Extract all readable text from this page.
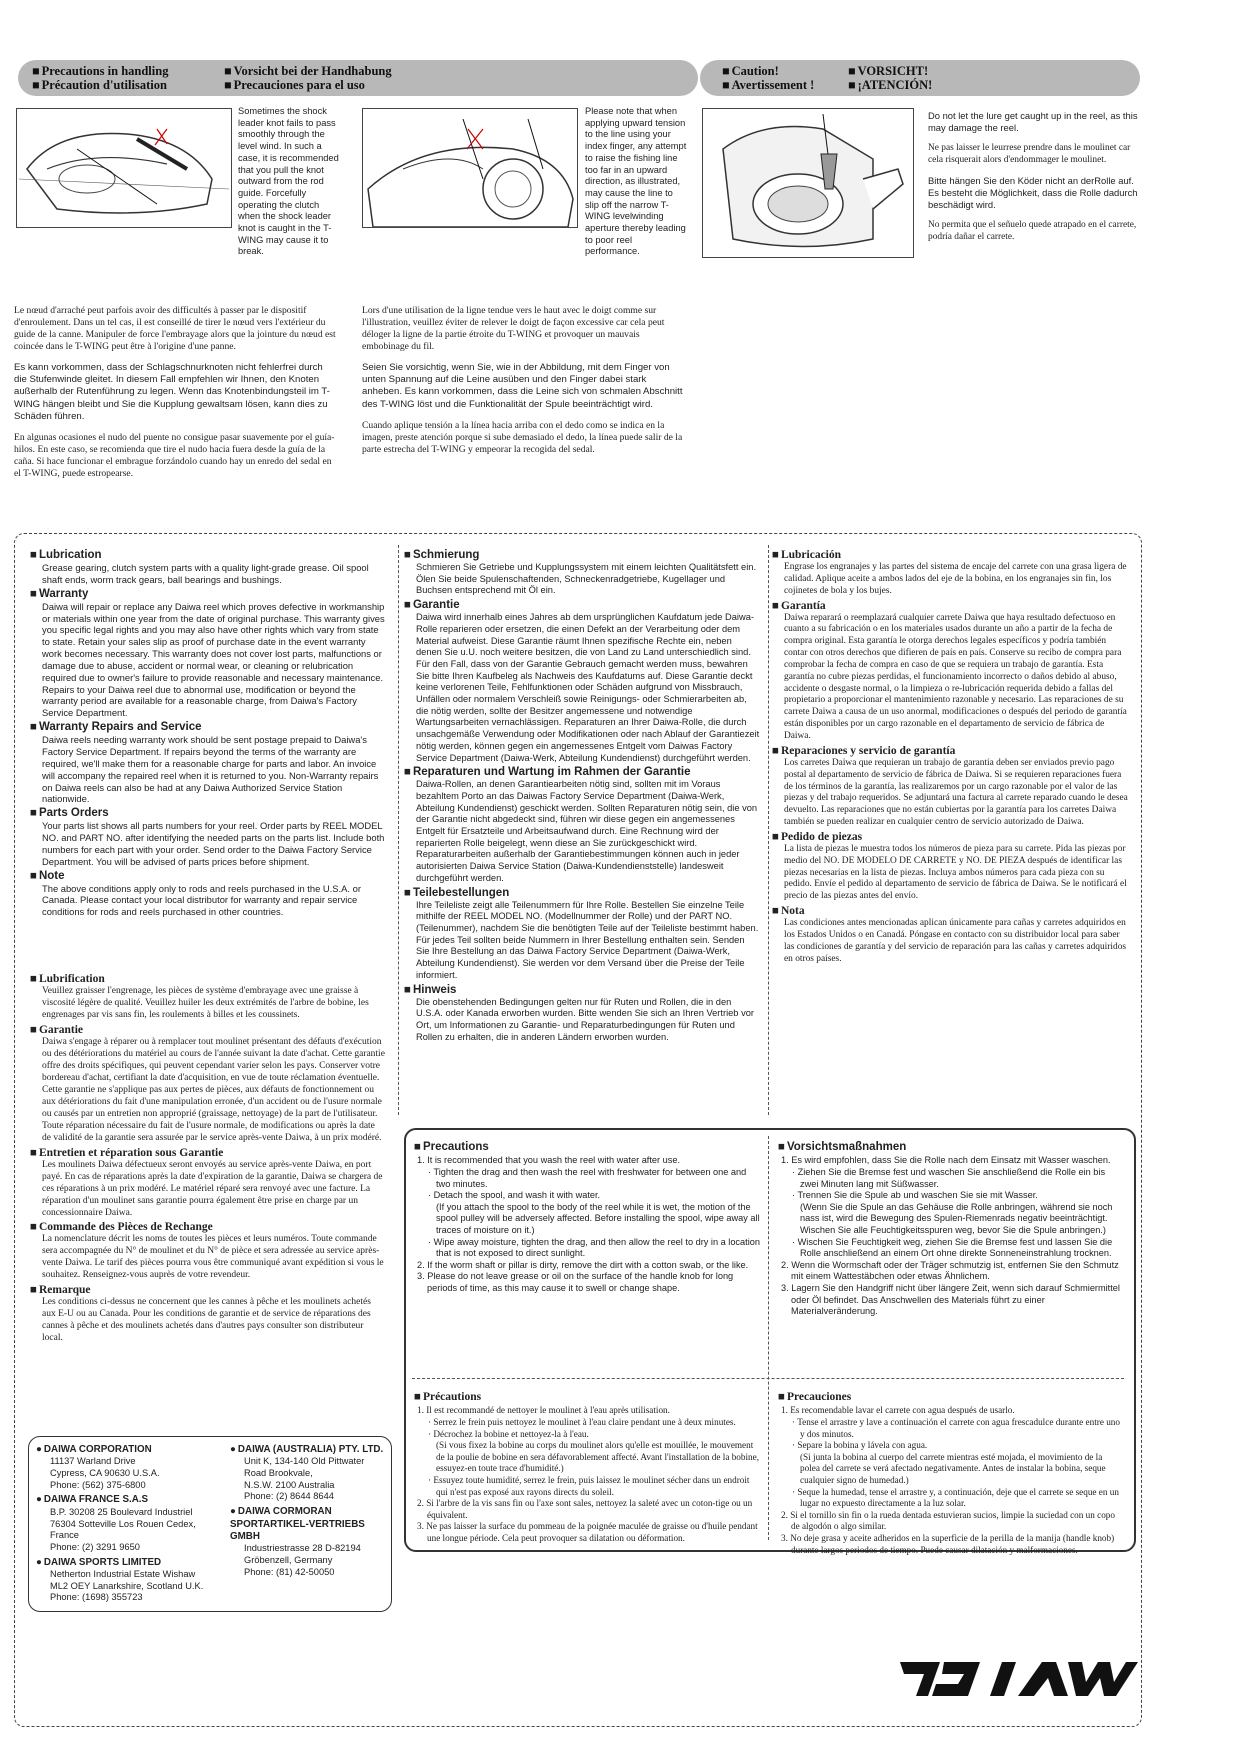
■ Precautions in handling	■ Vorsicht bei der Handhabung
■ Précaution d'utilisation	■ Precauciones para el uso
■ Caution!	■ VORSICHT!
■ Avertissement !	■ ¡ATENCIÓN!
Sometimes the shock leader knot fails to pass smoothly through the level wind. In such a case, it is recommended that you pull the knot outward from the rod guide. Forcefully operating the clutch when the shock leader knot is caught in the T-WING may cause it to break.
Please note that when applying upward tension to the line using your index finger, any attempt to raise the fishing line too far in an upward direction, as illustrated, may cause the line to slip off the narrow T-WING levelwinding aperture thereby leading to poor reel performance.

Do not let the lure get caught up in the reel, as this may damage the reel.

Ne pas laisser le leurrese prendre dans le moulinet car cela risquerait alors d'endommager le moulinet.

Bitte hängen Sie den Köder nicht an derRolle auf. Es besteht die Möglichkeit, dass die Rolle dadurch beschädigt wird.

No permita que el señuelo quede atrapado en el carrete, podría dañar el carrete.

Le nœud d'arraché peut parfois avoir des difficultés à passer par le dispositif d'enroulement. Dans un tel cas, il est conseillé de tirer le nœud vers l'extérieur du guide de la canne. Manipuler de force l'embrayage alors que la jointure du nœud est coincée dans le T-WING peut être à l'origine d'une panne.

Es kann vorkommen, dass der Schlagschnurknoten nicht fehlerfrei durch die Stufenwinde gleitet. In diesem Fall empfehlen wir Ihnen, den Knoten außerhalb der Rutenführung zu legen. Wenn das Knotenbindungsteil im T-WING hängen bleibt und Sie die Kupplung gewaltsam lösen, kann dies zu Schäden führen.

En algunas ocasiones el nudo del puente no consigue pasar suavemente por el guía-hilos. En este caso, se recomienda que tire el nudo hacia fuera desde la guía de la caña. Si hace funcionar el embrague forzándolo cuando hay un enredo del sedal en el T-WING, puede estropearse.

Lors d'une utilisation de la ligne tendue vers le haut avec le doigt comme sur l'illustration, veuillez éviter de relever le doigt de façon excessive car cela peut déloger la ligne de la partie étroite du T-WING et provoquer un mauvais embobinage du fil.

Seien Sie vorsichtig, wenn Sie, wie in der Abbildung, mit dem Finger von unten Spannung auf die Leine ausüben und den Finger dabei stark anheben. Es kann vorkommen, dass die Leine sich von schmalen Abschnitt des T-WING löst und die Funktionalität der Spule beeinträchtigt wird.

Cuando aplique tensión a la línea hacia arriba con el dedo como se indica en la imagen, preste atención porque si sube demasiado el dedo, la línea puede salir de la parte estrecha del T-WING y empeorar la recogida del sedal.

■ Lubrication
Grease gearing, clutch system parts with a quality light-grade grease. Oil spool shaft ends, worm track gears, ball bearings and bushings.
■ Warranty
Daiwa will repair or replace any Daiwa reel which proves defective in workmanship or materials within one year from the date of original purchase. This warranty gives you specific legal rights and you may also have other rights which vary from state to state. Retain your sales slip as proof of purchase date in the event warranty work becomes necessary. This warranty does not cover lost parts, malfunctions or damage due to abuse, accident or normal wear, or cleaning or relubrication required due to owner's failure to provide reasonable and necessary maintenance. Repairs to your Daiwa reel due to abnormal use, modification or beyond the warranty period are available for a reasonable charge, from Daiwa's Factory Service Department.
■ Warranty Repairs and Service
Daiwa reels needing warranty work should be sent postage prepaid to Daiwa's Factory Service Department. If repairs beyond the terms of the warranty are required, we'll make them for a reasonable charge for parts and labor. An invoice will accompany the repaired reel when it is returned to you. Non-Warranty repairs on Daiwa reels can also be had at any Daiwa Authorized Service Station nationwide.
■ Parts Orders
Your parts list shows all parts numbers for your reel. Order parts by REEL MODEL NO. and PART NO. after identifying the needed parts on the parts list. Include both numbers for each part with your order. Send order to the Daiwa Factory Service Department. You will be advised of parts prices before shipment.
■ Note
The above conditions apply only to rods and reels purchased in the U.S.A. or Canada. Please contact your local distributor for warranty and repair service conditions for rods and reels purchased in other countries.
■ Lubrification
Veuillez graisser l'engrenage, les pièces de système d'embrayage avec une graisse à viscosité légère de qualité. Veuillez huiler les deux extrémités de l'arbre de bobine, les engrenages par vis sans fin, les roulements à billes et les coussinets.
■ Garantie
Daiwa s'engage à réparer ou à remplacer tout moulinet présentant des défauts d'exécution ou des détériorations du matériel au cours de l'année suivant la date d'achat. Cette garantie offre des droits spécifiques, qui peuvent cependant varier selon les pays. Conserver votre bordereau d'achat, certifiant la date d'acquisition, en vue de toute réclamation éventuelle. Cette garantie ne s'applique pas aux pertes de pièces, aux défauts de fonctionnement ou aux détériorations du fait d'une manipulation erronée, d'un accident ou de l'usure normale ou causés par un entretien non approprié (graissage, nettoyage) de la part de l'utilisateur. Toute réparation nécessaire du fait de l'usure normale, de modifications ou après la date de validité de la garantie sera assurée par le service après-vente Daiwa, à un prix modéré.
■ Entretien et réparation sous Garantie
Les moulinets Daiwa défectueux seront envoyés au service après-vente Daiwa, en port payé. En cas de réparations après la date d'expiration de la garantie, Daiwa se chargera de ces réparations à un prix modéré. Le matériel réparé sera renvoyé avec une facture. La réparation d'un moulinet sans garantie pourra également être prise en charge par un concessionnaire Daiwa.
■ Commande des Pièces de Rechange
La nomenclature décrit les noms de toutes les pièces et leurs numéros. Toute commande sera accompagnée du N° de moulinet et du N° de pièce et sera adressée au service après-vente Daiwa. Le tarif des pièces pourra vous être communiqué avant expédition si vous le souhaitez. Renseignez-vous auprès de votre revendeur.
■ Remarque
Les conditions ci-dessus ne concernent que les cannes à pêche et les moulinets achetés aux E-U ou au Canada. Pour les conditions de garantie et de service de réparations des cannes à pêche et des moulinets achetés dans d'autres pays consulter son distributeur local.
■ Schmierung
Schmieren Sie Getriebe und Kupplungssystem mit einem leichten Qualitätsfett ein. Ölen Sie beide Spulenschaftenden, Schneckenradgetriebe, Kugellager und Buchsen entsprechend mit Öl ein.
■ Garantie
Daiwa wird innerhalb eines Jahres ab dem ursprünglichen Kaufdatum jede Daiwa-Rolle reparieren oder ersetzen, die einen Defekt an der Verarbeitung oder dem Material aufweist. Diese Garantie räumt Ihnen spezifische Rechte ein, neben denen Sie u.U. noch weitere besitzen, die von Land zu Land unterschiedlich sind. Für den Fall, dass von der Garantie Gebrauch gemacht werden muss, bewahren Sie bitte Ihren Kaufbeleg als Nachweis des Kaufdatums auf. Diese Garantie deckt keine verlorenen Teile, Fehlfunktionen oder Schäden aufgrund von Missbrauch, Unfällen oder normalem Verschleiß sowie Reinigungs- oder Schmierarbeiten ab, die nötig werden, sollte der Besitzer angemessene und notwendige Wartungsarbeiten vernachlässigen. Reparaturen an Ihrer Daiwa-Rolle, die durch unsachgemäße Verwendung oder Modifikationen oder nach Ablauf der Garantiezeit nötig werden, können gegen ein angemessenes Entgelt vom Daiwas Factory Service Department (Daiwa-Werk, Abteilung Kundendienst) durchgeführt werden.
■ Reparaturen und Wartung im Rahmen der Garantie
Daiwa-Rollen, an denen Garantiearbeiten nötig sind, sollten mit im Voraus bezahltem Porto an das Daiwas Factory Service Department (Daiwa-Werk, Abteilung Kundendienst) geschickt werden. Sollten Reparaturen nötig sein, die von der Garantie nicht abgedeckt sind, führen wir diese gegen ein angemessenes Entgelt für Ersatzteile und Arbeitsaufwand durch. Eine Rechnung wird der reparierten Rolle beigelegt, wenn diese an Sie zurückgeschickt wird. Reparaturarbeiten außerhalb der Garantiebestimmungen können auch in jeder autorisierten Daiwa Service Station (Daiwa-Kundendienststelle) landesweit durchgeführt werden.
■ Teilebestellungen
Ihre Teileliste zeigt alle Teilenummern für Ihre Rolle. Bestellen Sie einzelne Teile mithilfe der REEL MODEL NO. (Modellnummer der Rolle) und der PART NO. (Teilenummer), nachdem Sie die benötigten Teile auf der Teileliste bestimmt haben. Für jedes Teil sollten beide Nummern in Ihrer Bestellung enthalten sein. Senden Sie Ihre Bestellung an das Daiwa Factory Service Department (Daiwa-Werk, Abteilung Kundendienst). Sie werden vor dem Versand über die Preise der Teile informiert.
■ Hinweis
Die obenstehenden Bedingungen gelten nur für Ruten und Rollen, die in den U.S.A. oder Kanada erworben wurden. Bitte wenden Sie sich an Ihren Vertrieb vor Ort, um Informationen zu Garantie- und Reparaturbedingungen für Ruten und Rollen zu erhalten, die in anderen Ländern erworben wurden.
■ Lubricación
Engrase los engranajes y las partes del sistema de encaje del carrete con una grasa ligera de calidad. Aplique aceite a ambos lados del eje de la bobina, en los engranajes sin fin, los cojinetes de bola y los bujes.
■ Garantía
Daiwa reparará o reemplazará cualquier carrete Daiwa que haya resultado defectuoso en cuanto a su fabricación o en los materiales usados durante un año a partir de la fecha de compra original. Esta garantía le otorga derechos legales específicos y podría también contar con otros derechos que difieren de país en país. Conserve su recibo de compra para comprobar la fecha de compra en caso de que se requiera un trabajo de garantía. Esta garantía no cubre piezas perdidas, el funcionamiento incorrecto o daños debido al abuso, accidente o desgaste normal, o la limpieza o re-lubricación requerida debido a fallas del propietario a proporcionar el mantenimiento razonable y necesario. Las reparaciones de su carrete Daiwa a causa de un uso anormal, modificaciones o después del periodo de garantía están disponibles por un cargo razonable en el departamento de servicio de fábrica de Daiwa.
■ Reparaciones y servicio de garantía
Los carretes Daiwa que requieran un trabajo de garantía deben ser enviados previo pago postal al departamento de servicio de fábrica de Daiwa. Si se requieren reparaciones fuera de los términos de la garantía, las realizaremos por un cargo razonable por el valor de las piezas y del trabajo requeridos. Se adjuntará una factura al carrete reparado cuando le desea devuelto. Las reparaciones que no están cubiertas por la garantía para los carretes Daiwa también se pueden realizar en cualquier centro de servicio autorizado de Daiwa.
■ Pedido de piezas
La lista de piezas le muestra todos los números de pieza para su carrete. Pida las piezas por medio del NO. DE MODELO DE CARRETE y NO. DE PIEZA después de identificar las piezas necesarias en la lista de piezas. Incluya ambos números para cada pieza con su pedido. Envíe el pedido al departamento de servicio de fábrica de Daiwa. Se le notificará el precio de las piezas antes del envío.
■ Nota
Las condiciones antes mencionadas aplican únicamente para cañas y carretes adquiridos en los Estados Unidos o en Canadá. Póngase en contacto con su distribuidor local para saber las condiciones de garantía y del servicio de reparación para las cañas y carretes adquiridos en otros países.
■ Precautions

1. It is recommended that you wash the reel with water after use.

· Tighten the drag and then wash the reel with freshwater for between one and two minutes.

· Detach the spool, and wash it with water.

(If you attach the spool to the body of the reel while it is wet, the motion of the spool pulley will be adversely affected. Before installing the spool, wipe away all traces of moisture on it.)

· Wipe away moisture, tighten the drag, and then allow the reel to dry in a location that is not exposed to direct sunlight.

2. If the worm shaft or pillar is dirty, remove the dirt with a cotton swab, or the like.

3. Please do not leave grease or oil on the surface of the handle knob for long periods of time, as this may cause it to swell or change shape.

■ Vorsichtsmaßnahmen

1. Es wird empfohlen, dass Sie die Rolle nach dem Einsatz mit Wasser waschen.

· Ziehen Sie die Bremse fest und waschen Sie anschließend die Rolle ein bis zwei Minuten lang mit Süßwasser.

· Trennen Sie die Spule ab und waschen Sie sie mit Wasser.

(Wenn Sie die Spule an das Gehäuse die Rolle anbringen, während sie noch nass ist, wird die Bewegung des Spulen-Riemenrads negativ beeinträchtigt. Wischen Sie alle Feuchtigkeitsspuren weg, bevor Sie die Spule anbringen.)

· Wischen Sie Feuchtigkeit weg, ziehen Sie die Bremse fest und lassen Sie die Rolle anschließend an einem Ort ohne direkte Sonneneinstrahlung trocknen.

2. Wenn die Wormschaft oder der Träger schmutzig ist, entfernen Sie den Schmutz mit einem Wattestäbchen oder etwas Ähnlichem.

3. Lagern Sie den Handgriff nicht über längere Zeit, wenn sich darauf Schmiermittel oder Öl befindet. Das Anschwellen des Materials führt zu einer Materialveränderung.

■ Précautions

1. Il est recommandé de nettoyer le moulinet à l'eau après utilisation.

· Serrez le frein puis nettoyez le moulinet à l'eau claire pendant une à deux minutes.

· Décrochez la bobine et nettoyez-la à l'eau.

(Si vous fixez la bobine au corps du moulinet alors qu'elle est mouillée, le mouvement de la poulie de bobine en sera défavorablement affecté. Avant l'installation de la bobine, essuyez-en toute trace d'humidité.)

· Essuyez toute humidité, serrez le frein, puis laissez le moulinet sécher dans un endroit qui n'est pas exposé aux rayons directs du soleil.

2. Si l'arbre de la vis sans fin ou l'axe sont sales, nettoyez la saleté avec un coton-tige ou un équivalent.

3. Ne pas laisser la surface du pommeau de la poignée maculée de graisse ou d'huile pendant une longue période. Cela peut provoquer sa dilatation ou déformation.

■ Precauciones

1. Es recomendable lavar el carrete con agua después de usarlo.

· Tense el arrastre y lave a continuación el carrete con agua frescadulce durante entre uno y dos minutos.

· Separe la bobina y lávela con agua.

(Si junta la bobina al cuerpo del carrete mientras esté mojada, el movimiento de la polea del carrete se verá afectado negativamente. Antes de instalar la bobina, seque cualquier signo de humedad.)

· Seque la humedad, tense el arrastre y, a continuación, deje que el carrete se seque en un lugar no expuesto directamente a la luz solar.

2. Si el tornillo sin fin o la rueda dentada estuvieran sucios, limpie la suciedad con un copo de algodón o algo similar.

3. No deje grasa y aceite adheridos en la superficie de la perilla de la manija (handle knob) durante largos periodos de tiempo. Puede causar dilatación y malformaciones.

● DAIWA CORPORATION
11137 Warland Drive
Cypress, CA 90630 U.S.A.
Phone: (562) 375-6800
● DAIWA FRANCE S.A.S
B.P. 30208 25 Boulevard Industriel
76304 Sotteville Los Rouen Cedex,
France
Phone: (2) 3291 9650
● DAIWA SPORTS LIMITED
Netherton Industrial Estate Wishaw
ML2 OEY Lanarkshire, Scotland U.K.
Phone: (1698) 355723
● DAIWA (AUSTRALIA) PTY. LTD.
Unit K, 134-140 Old Pittwater
Road Brookvale,
N.S.W. 2100 Australia
Phone: (2) 8644 8644
● DAIWA CORMORAN SPORTARTIKEL-VERTRIEBS GMBH
Industriestrasse 28 D-82194
Gröbenzell, Germany
Phone: (81) 42-50050
